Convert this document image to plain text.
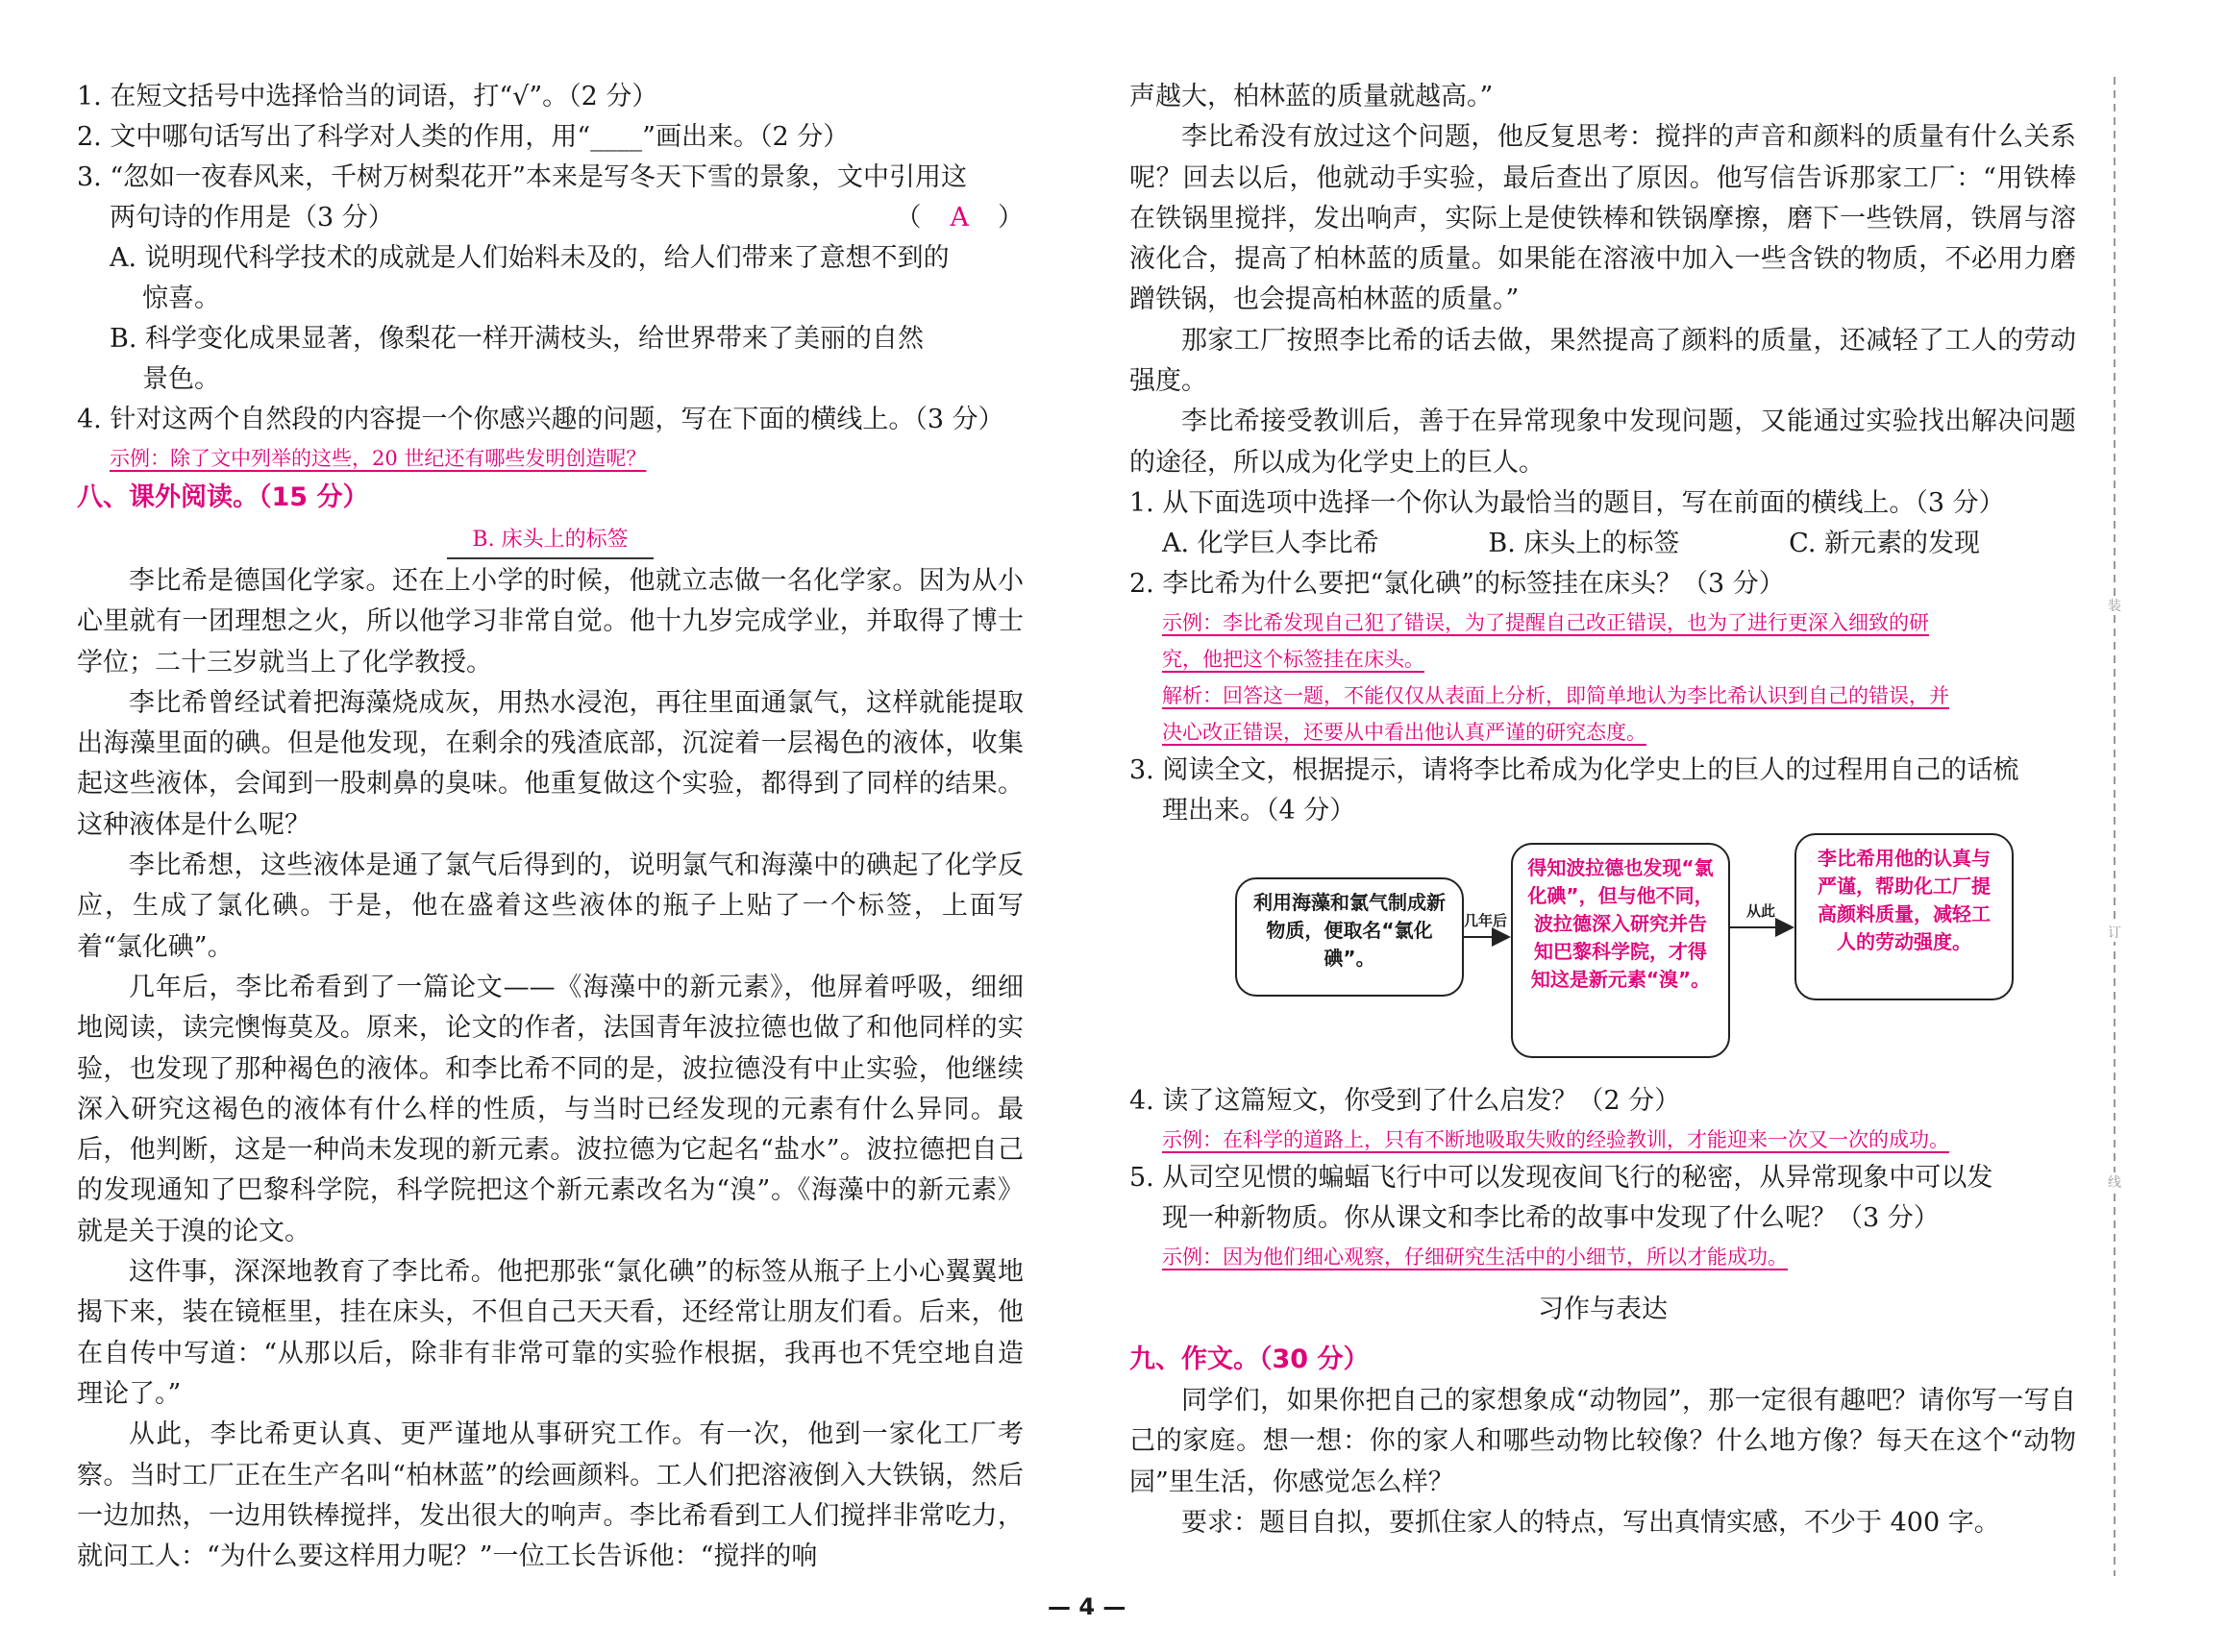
1. 在短文括号中选择恰当的词语，打“√”。（2 分）
2. 文中哪句话写出了科学对人类的作用，用“____”画出来。（2 分）
3. “忽如一夜春风来，千树万树梨花开”本来是写冬天下雪的景象，文中引用这
两句诗的作用是（3 分）	（ A ）
A. 说明现代科学技术的成就是人们始料未及的，给人们带来了意想不到的
惊喜。
B. 科学变化成果显著，像梨花一样开满枝头，给世界带来了美丽的自然
景色。
4. 针对这两个自然段的内容提一个你感兴趣的问题，写在下面的横线上。（3 分）
示例：除了文中列举的这些，20 世纪还有哪些发明创造呢？
八、课外阅读。（15 分）
B. 床头上的标签
李比希是德国化学家。还在上小学的时候，他就立志做一名化学家。因为从小心里就有一团理想之火，所以他学习非常自觉。他十九岁完成学业，并取得了博士学位；二十三岁就当上了化学教授。
李比希曾经试着把海藻烧成灰，用热水浸泡，再往里面通氯气，这样就能提取出海藻里面的碘。但是他发现，在剩余的残渣底部，沉淀着一层褐色的液体，收集起这些液体，会闻到一股刺鼻的臭味。他重复做这个实验，都得到了同样的结果。这种液体是什么呢？
李比希想，这些液体是通了氯气后得到的，说明氯气和海藻中的碘起了化学反应，生成了氯化碘。于是，他在盛着这些液体的瓶子上贴了一个标签，上面写着“氯化碘”。
几年后，李比希看到了一篇论文——《海藻中的新元素》，他屏着呼吸，细细地阅读，读完懊悔莫及。原来，论文的作者，法国青年波拉德也做了和他同样的实验，也发现了那种褐色的液体。和李比希不同的是，波拉德没有中止实验，他继续深入研究这褐色的液体有什么样的性质，与当时已经发现的元素有什么异同。最后，他判断，这是一种尚未发现的新元素。波拉德为它起名“盐水”。波拉德把自己的发现通知了巴黎科学院，科学院把这个新元素改名为“溴”。《海藻中的新元素》就是关于溴的论文。
这件事，深深地教育了李比希。他把那张“氯化碘”的标签从瓶子上小心翼翼地揭下来，装在镜框里，挂在床头，不但自己天天看，还经常让朋友们看。后来，他在自传中写道：“从那以后，除非有非常可靠的实验作根据，我再也不凭空地自造理论了。”
从此，李比希更认真、更严谨地从事研究工作。有一次，他到一家化工厂考察。当时工厂正在生产名叫“柏林蓝”的绘画颜料。工人们把溶液倒入大铁锅，然后一边加热，一边用铁棒搅拌，发出很大的响声。李比希看到工人们搅拌非常吃力，就问工人：“为什么要这样用力呢？”一位工长告诉他：“搅拌的响
声越大，柏林蓝的质量就越高。”
李比希没有放过这个问题，他反复思考：搅拌的声音和颜料的质量有什么关系呢？回去以后，他就动手实验，最后查出了原因。他写信告诉那家工厂：“用铁棒在铁锅里搅拌，发出响声，实际上是使铁棒和铁锅摩擦，磨下一些铁屑，铁屑与溶液化合，提高了柏林蓝的质量。如果能在溶液中加入一些含铁的物质，不必用力磨蹭铁锅，也会提高柏林蓝的质量。”
那家工厂按照李比希的话去做，果然提高了颜料的质量，还减轻了工人的劳动强度。
李比希接受教训后，善于在异常现象中发现问题，又能通过实验找出解决问题的途径，所以成为化学史上的巨人。
1. 从下面选项中选择一个你认为最恰当的题目，写在前面的横线上。（3 分）
A. 化学巨人李比希	B. 床头上的标签	C. 新元素的发现
2. 李比希为什么要把“氯化碘”的标签挂在床头？（3 分）
示例：李比希发现自己犯了错误，为了提醒自己改正错误，也为了进行更深入细致的研
究，他把这个标签挂在床头。
解析：回答这一题，不能仅仅从表面上分析，即简单地认为李比希认识到自己的错误，并
决心改正错误，还要从中看出他认真严谨的研究态度。
3. 阅读全文，根据提示，请将李比希成为化学史上的巨人的过程用自己的话梳
理出来。（4 分）
利用海藻和氯气制成新物质，便取名“氯化碘”。
几年后
得知波拉德也发现“氯化碘”，但与他不同，波拉德深入研究并告知巴黎科学院，才得知这是新元素“溴”。
从此
李比希用他的认真与严谨，帮助化工厂提高颜料质量，减轻工人的劳动强度。
4. 读了这篇短文，你受到了什么启发？（2 分）
示例：在科学的道路上，只有不断地吸取失败的经验教训，才能迎来一次又一次的成功。
5. 从司空见惯的蝙蝠飞行中可以发现夜间飞行的秘密，从异常现象中可以发
现一种新物质。你从课文和李比希的故事中发现了什么呢？（3 分）
示例：因为他们细心观察，仔细研究生活中的小细节，所以才能成功。
习作与表达
九、作文。（30 分）
同学们，如果你把自己的家想象成“动物园”，那一定很有趣吧？请你写一写自己的家庭。想一想：你的家人和哪些动物比较像？什么地方像？每天在这个“动物园”里生活，你感觉怎么样？
要求：题目自拟，要抓住家人的特点，写出真情实感，不少于 400 字。
装
订
线
— 4 —
